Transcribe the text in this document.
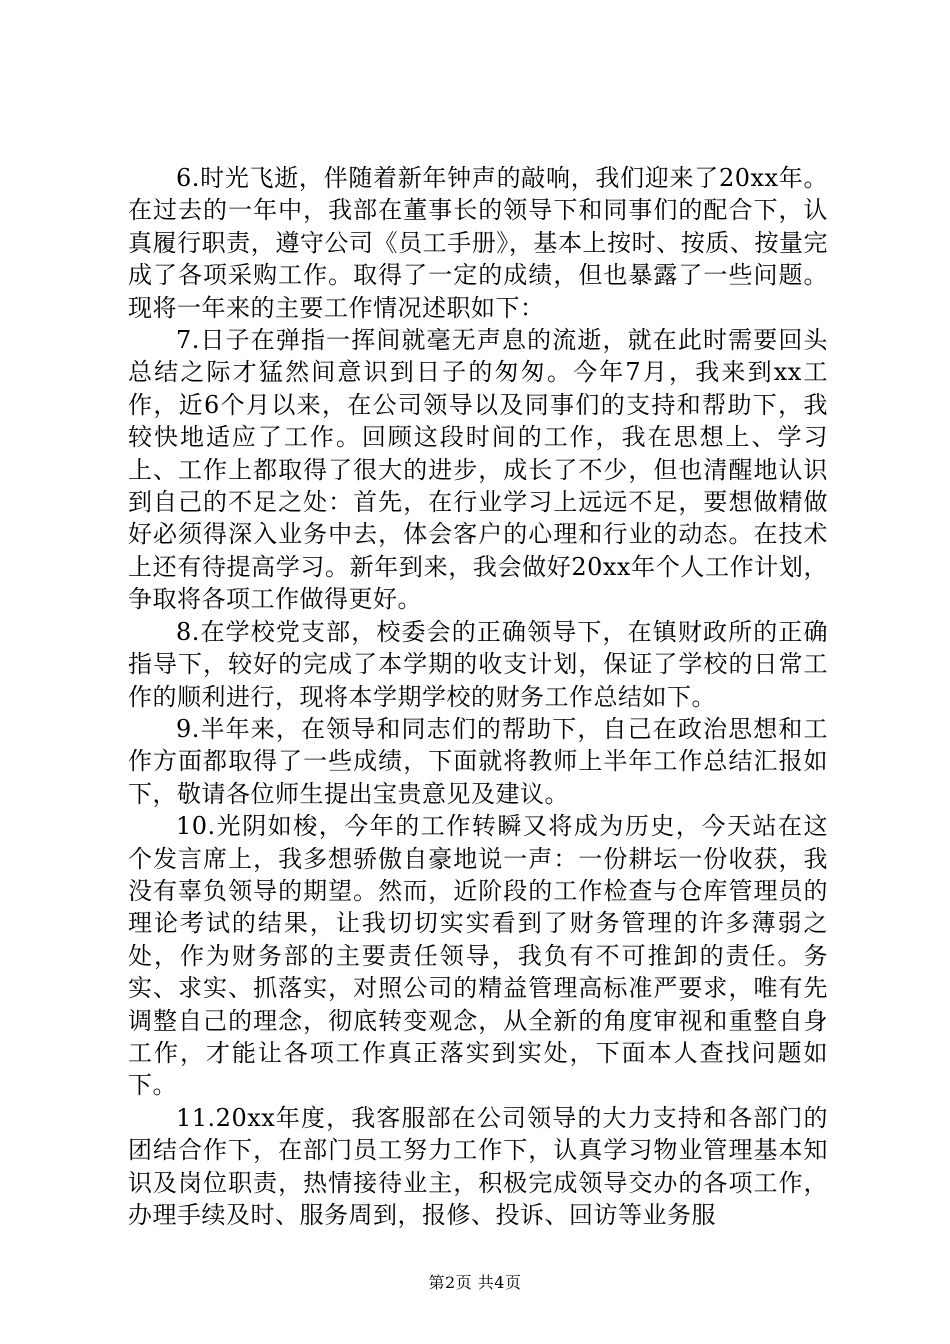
6.时光飞逝，伴随着新年钟声的敲响，我们迎来了20xx年。在过去的一年中，我部在董事长的领导下和同事们的配合下，认真履行职责，遵守公司《员工手册》，基本上按时、按质、按量完成了各项采购工作。取得了一定的成绩，但也暴露了一些问题。现将一年来的主要工作情况述职如下：

7.日子在弹指一挥间就毫无声息的流逝，就在此时需要回头总结之际才猛然间意识到日子的匆匆。今年7月，我来到xx工作，近6个月以来，在公司领导以及同事们的支持和帮助下，我较快地适应了工作。回顾这段时间的工作，我在思想上、学习上、工作上都取得了很大的进步，成长了不少，但也清醒地认识到自己的不足之处：首先，在行业学习上远远不足，要想做精做好必须得深入业务中去，体会客户的心理和行业的动态。在技术上还有待提高学习。新年到来，我会做好20xx年个人工作计划，争取将各项工作做得更好。

8.在学校党支部，校委会的正确领导下，在镇财政所的正确指导下，较好的完成了本学期的收支计划，保证了学校的日常工作的顺利进行，现将本学期学校的财务工作总结如下。

9.半年来，在领导和同志们的帮助下，自己在政治思想和工作方面都取得了一些成绩，下面就将教师上半年工作总结汇报如下，敬请各位师生提出宝贵意见及建议。

10.光阴如梭，今年的工作转瞬又将成为历史，今天站在这个发言席上，我多想骄傲自豪地说一声：一份耕坛一份收获，我没有辜负领导的期望。然而，近阶段的工作检查与仓库管理员的理论考试的结果，让我切切实实看到了财务管理的许多薄弱之处，作为财务部的主要责任领导，我负有不可推卸的责任。务实、求实、抓落实，对照公司的精益管理高标准严要求，唯有先调整自己的理念，彻底转变观念，从全新的角度审视和重整自身工作，才能让各项工作真正落实到实处，下面本人查找问题如下。

11.20xx年度，我客服部在公司领导的大力支持和各部门的团结合作下，在部门员工努力工作下，认真学习物业管理基本知识及岗位职责，热情接待业主，积极完成领导交办的各项工作，办理手续及时、服务周到，报修、投诉、回访等业务服

第2页 共4页
